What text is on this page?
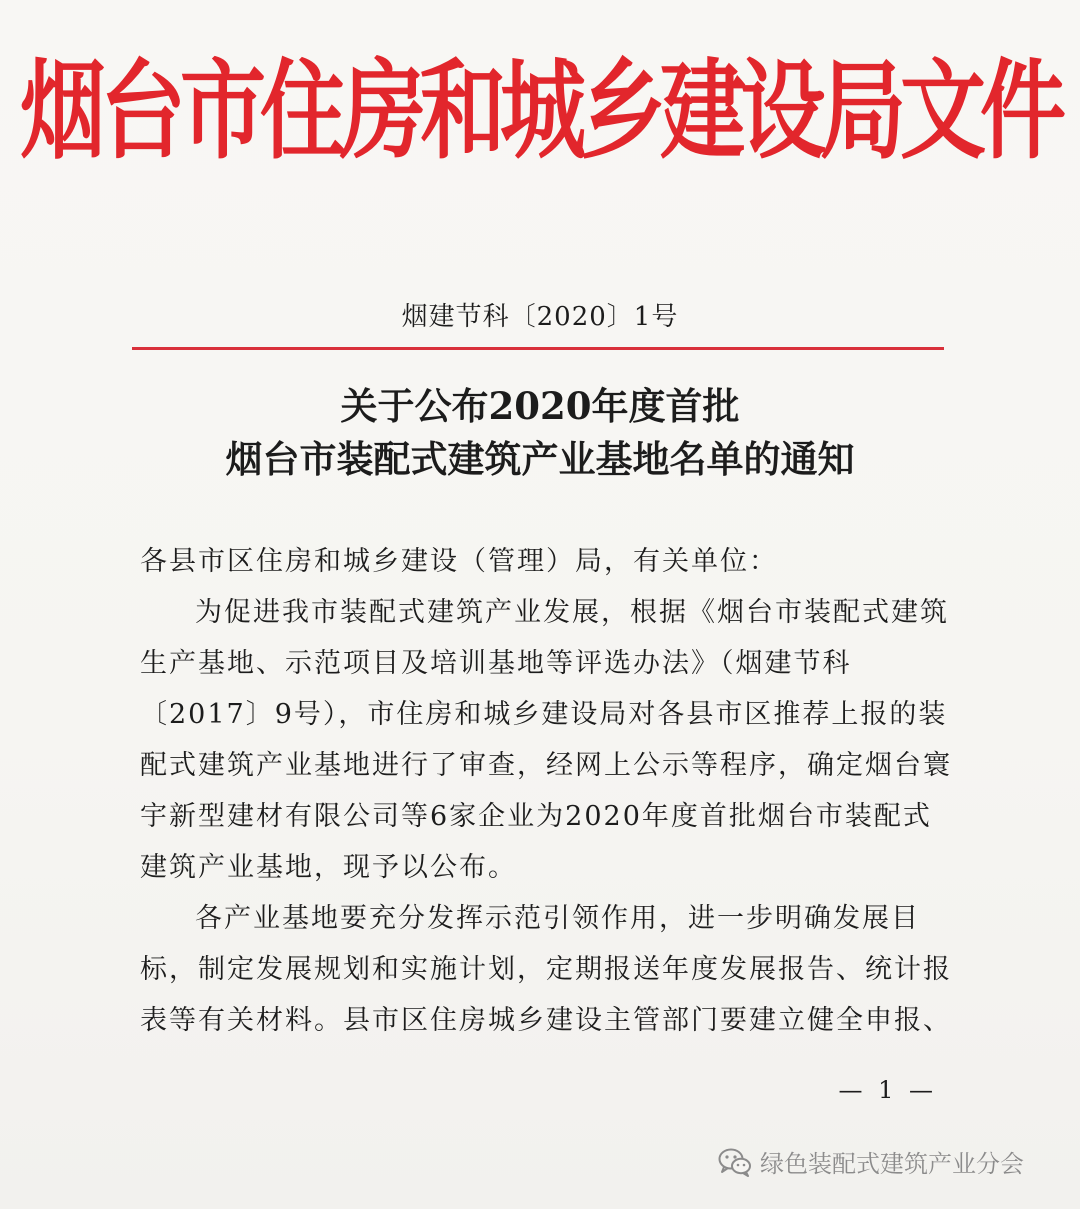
烟台市住房和城乡建设局文件
烟建节科〔2020〕1号
关于公布2020年度首批
烟台市装配式建筑产业基地名单的通知
各县市区住房和城乡建设（管理）局，有关单位：
为促进我市装配式建筑产业发展，根据《烟台市装配式建筑生产基地、示范项目及培训基地等评选办法》（烟建节科〔2017〕9号），市住房和城乡建设局对各县市区推荐上报的装配式建筑产业基地进行了审查，经网上公示等程序，确定烟台寰宇新型建材有限公司等6家企业为2020年度首批烟台市装配式建筑产业基地，现予以公布。
各产业基地要充分发挥示范引领作用，进一步明确发展目标，制定发展规划和实施计划，定期报送年度发展报告、统计报表等有关材料。县市区住房城乡建设主管部门要建立健全申报、
— 1 —
绿色装配式建筑产业分会
